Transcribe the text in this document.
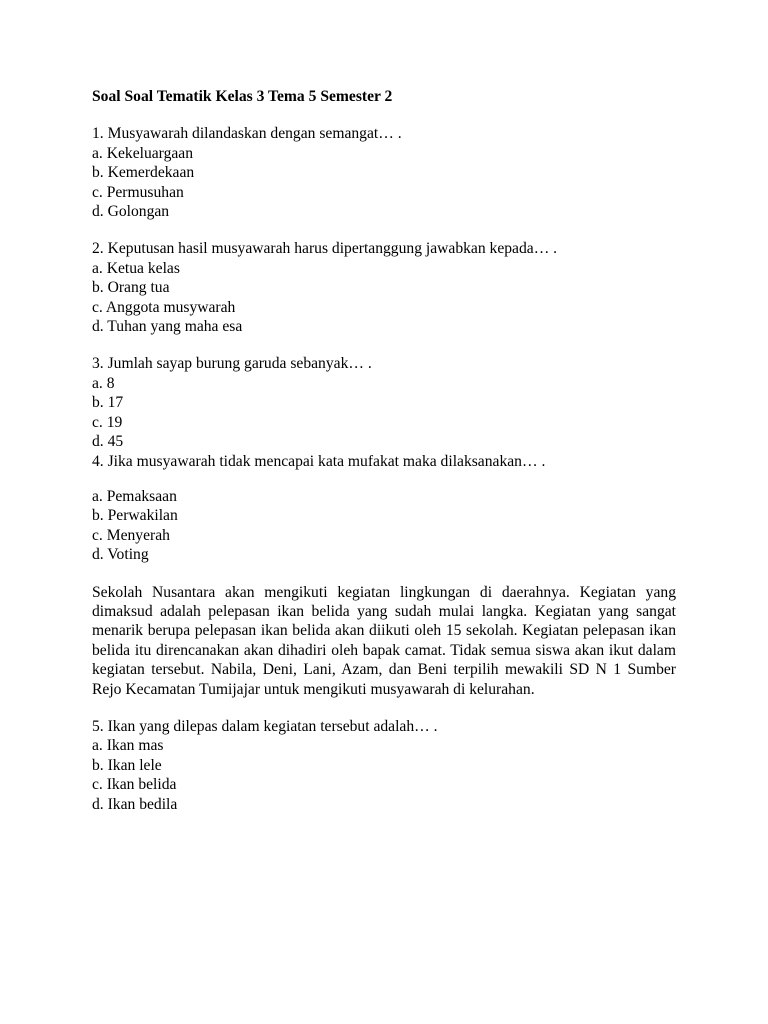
Soal Soal Tematik Kelas 3 Tema 5 Semester 2
1. Musyawarah dilandaskan dengan semangat… .
a. Kekeluargaan
b. Kemerdekaan
c. Permusuhan
d. Golongan
2. Keputusan hasil musyawarah harus dipertanggung jawabkan kepada… .
a. Ketua kelas
b. Orang tua
c. Anggota musywarah
d. Tuhan yang maha esa
3. Jumlah sayap burung garuda sebanyak… .
a. 8
b. 17
c. 19
d. 45
4. Jika musyawarah tidak mencapai kata mufakat maka dilaksanakan… .
a. Pemaksaan
b. Perwakilan
c. Menyerah
d. Voting

Sekolah Nusantara akan mengikuti kegiatan lingkungan di daerahnya. Kegiatan yang dimaksud adalah pelepasan ikan belida yang sudah mulai langka. Kegiatan yang sangat menarik berupa pelepasan ikan belida akan diikuti oleh 15 sekolah. Kegiatan pelepasan ikan belida itu direncanakan akan dihadiri oleh bapak camat. Tidak semua siswa akan ikut dalam kegiatan tersebut. Nabila, Deni, Lani, Azam, dan Beni terpilih mewakili SD N 1 Sumber Rejo Kecamatan Tumijajar untuk mengikuti musyawarah di kelurahan.

5. Ikan yang dilepas dalam kegiatan tersebut adalah… .
a. Ikan mas
b. Ikan lele
c. Ikan belida
d. Ikan bedila
